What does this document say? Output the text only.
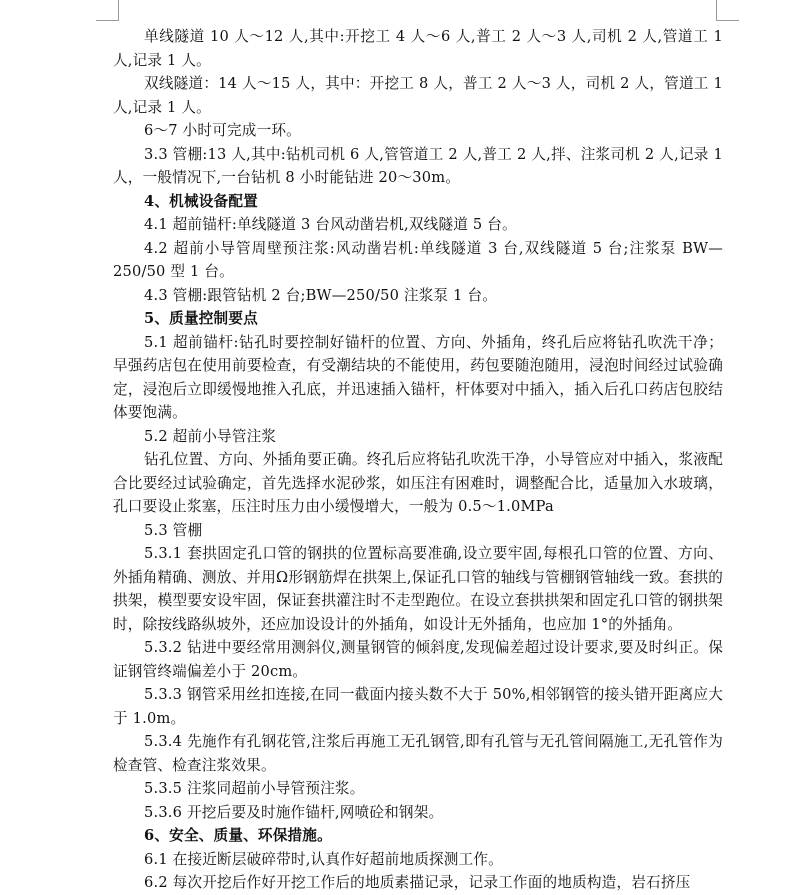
单线隧道 10 人～12 人,其中:开挖工 4 人～6 人,普工 2 人～3 人,司机 2 人,管道工 1 人,记录 1 人。

双线隧道：14 人～15 人，其中：开挖工 8 人，普工 2 人～3 人，司机 2 人，管道工 1 人,记录 1 人。

6～7 小时可完成一环。

3.3 管棚:13 人,其中:钻机司机 6 人,管管道工 2 人,普工 2 人,拌、注浆司机 2 人,记录 1 人，一般情况下,一台钻机 8 小时能钻进 20～30m。

4、机械设备配置

4.1 超前锚杆:单线隧道 3 台风动凿岩机,双线隧道 5 台。

4.2 超前小导管周壁预注浆:风动凿岩机:单线隧道 3 台,双线隧道 5 台;注浆泵 BW—250/50 型 1 台。

4.3 管棚:跟管钻机 2 台;BW—250/50 注浆泵 1 台。

5、质量控制要点

5.1 超前锚杆:钻孔时要控制好锚杆的位置、方向、外插角，终孔后应将钻孔吹洗干净；早强药店包在使用前要检查，有受潮结块的不能使用，药包要随泡随用，浸泡时间经过试验确定，浸泡后立即缓慢地推入孔底，并迅速插入锚杆，杆体要对中插入，插入后孔口药店包胶结体要饱满。

5.2 超前小导管注浆

钻孔位置、方向、外插角要正确。终孔后应将钻孔吹洗干净，小导管应对中插入，浆液配合比要经过试验确定，首先选择水泥砂浆，如压注有困难时，调整配合比，适量加入水玻璃，孔口要设止浆塞，压注时压力由小缓慢增大，一般为 0.5～1.0MPa

5.3 管棚

5.3.1 套拱固定孔口管的钢拱的位置标高要准确,设立要牢固,每根孔口管的位置、方向、外插角精确、测放、并用Ω形钢筋焊在拱架上,保证孔口管的轴线与管棚钢管轴线一致。套拱的拱架，模型要安设牢固，保证套拱灌注时不走型跑位。在设立套拱拱架和固定孔口管的钢拱架时，除按线路纵坡外，还应加设设计的外插角，如设计无外插角，也应加 1°的外插角。

5.3.2 钻进中要经常用测斜仪,测量钢管的倾斜度,发现偏差超过设计要求,要及时纠正。保证钢管终端偏差小于 20cm。

5.3.3 钢管采用丝扣连接,在同一截面内接头数不大于 50%,相邻钢管的接头错开距离应大于 1.0m。

5.3.4 先施作有孔钢花管,注浆后再施工无孔钢管,即有孔管与无孔管间隔施工,无孔管作为检查管、检查注浆效果。

5.3.5 注浆同超前小导管预注浆。

5.3.6 开挖后要及时施作锚杆,网喷砼和钢架。

6、安全、质量、环保措施。

6.1 在接近断层破碎带时,认真作好超前地质探测工作。

6.2 每次开挖后作好开挖工作后的地质素描记录，记录工作面的地质构造，岩石挤压
